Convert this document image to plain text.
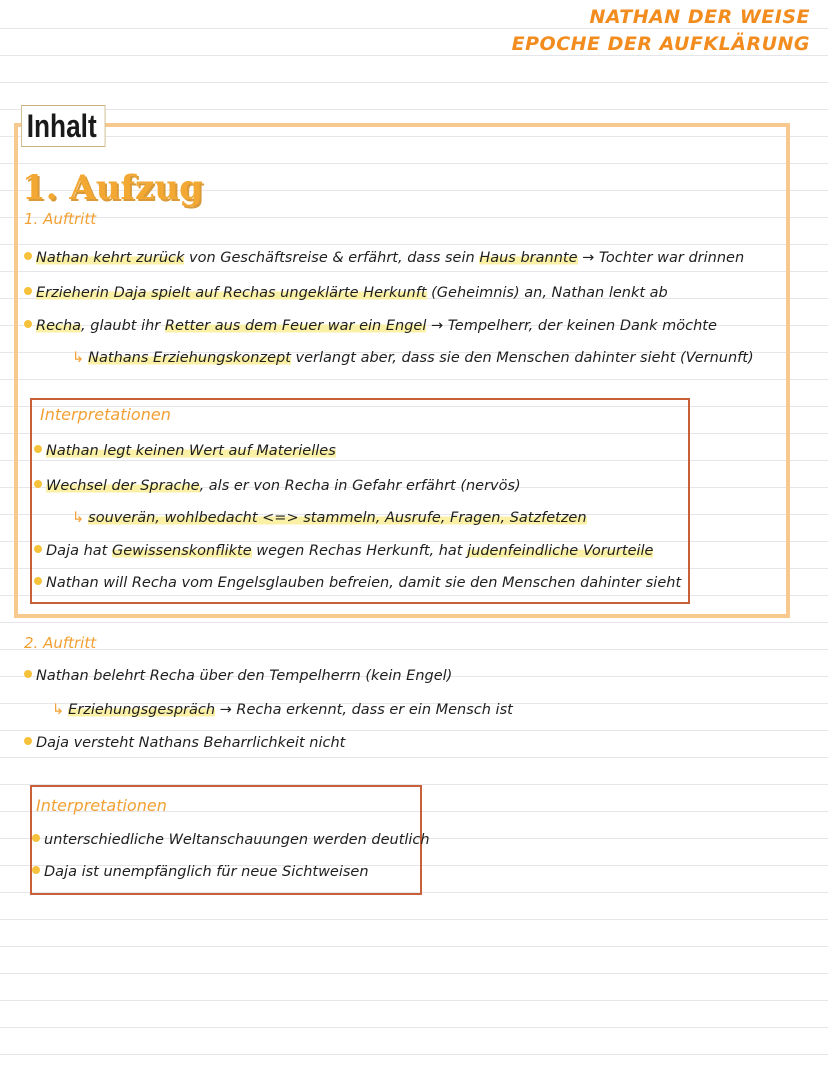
NATHAN DER WEISE
EPOCHE DER AUFKLÄRUNG
Inhalt
1. Aufzug
1. Auftritt
Nathan kehrt zurück von Geschäftsreise & erfährt, dass sein Haus brannte → Tochter war drinnen
Erzieherin Daja spielt auf Rechas ungeklärte Herkunft (Geheimnis) an, Nathan lenkt ab
Recha, glaubt ihr Retter aus dem Feuer war ein Engel → Tempelherr, der keinen Dank möchte
↳ Nathans Erziehungskonzept verlangt aber, dass sie den Menschen dahinter sieht (Vernunft)
Interpretationen
Nathan legt keinen Wert auf Materielles
Wechsel der Sprache, als er von Recha in Gefahr erfährt (nervös)
↳ souverän, wohlbedacht <=> stammeln, Ausrufe, Fragen, Satzfetzen
Daja hat Gewissenskonflikte wegen Rechas Herkunft, hat judenfeindliche Vorurteile
Nathan will Recha vom Engelsglauben befreien, damit sie den Menschen dahinter sieht
2. Auftritt
Nathan belehrt Recha über den Tempelherrn (kein Engel)
↳ Erziehungsgespräch → Recha erkennt, dass er ein Mensch ist
Daja versteht Nathans Beharrlichkeit nicht
Interpretationen
unterschiedliche Weltanschauungen werden deutlich
Daja ist unempfänglich für neue Sichtweisen
